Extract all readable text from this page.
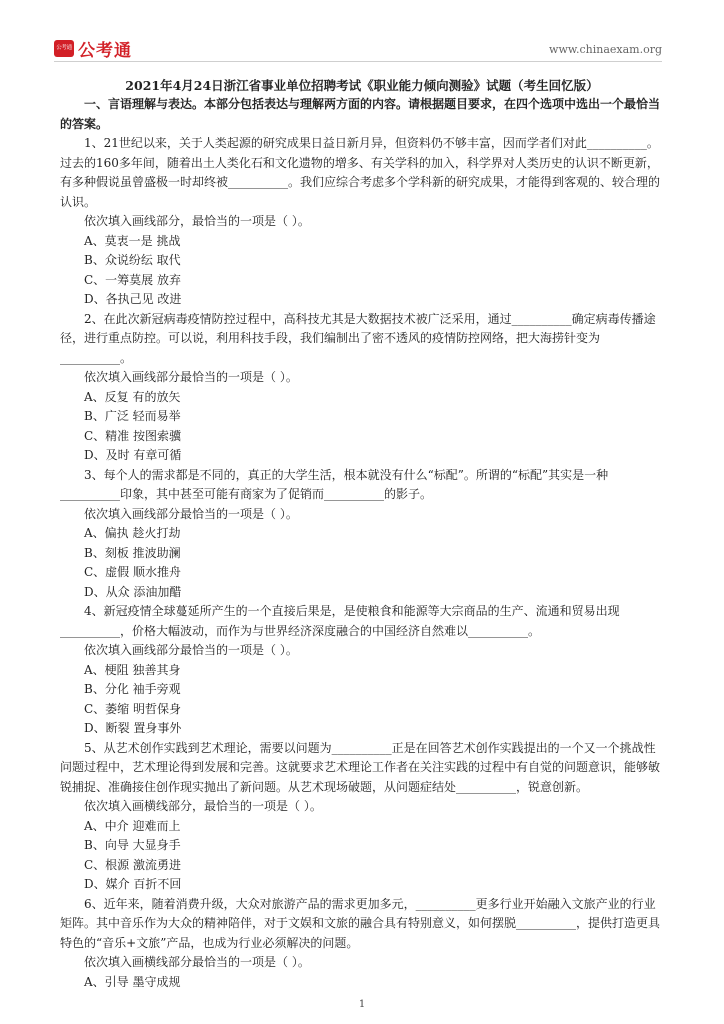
公考通 公考通	www.chinaexam.org
2021年4月24日浙江省事业单位招聘考试《职业能力倾向测验》试题（考生回忆版）

一、言语理解与表达。本部分包括表达与理解两方面的内容。请根据题目要求，在四个选项中选出一个最恰当的答案。

1、21世纪以来，关于人类起源的研究成果日益日新月异，但资料仍不够丰富，因而学者们对此__________。过去的160多年间，随着出土人类化石和文化遗物的增多、有关学科的加入，科学界对人类历史的认识不断更新，有多种假说虽曾盛极一时却终被__________。我们应综合考虑多个学科新的研究成果，才能得到客观的、较合理的认识。

依次填入画线部分，最恰当的一项是（ ）。

A、莫衷一是 挑战

B、众说纷纭 取代

C、一筹莫展 放弃

D、各执己见 改进

2、在此次新冠病毒疫情防控过程中，高科技尤其是大数据技术被广泛采用，通过__________确定病毒传播途径，进行重点防控。可以说，利用科技手段，我们编制出了密不透风的疫情防控网络，把大海捞针变为__________。

依次填入画线部分最恰当的一项是（ ）。

A、反复 有的放矢

B、广泛 轻而易举

C、精准 按图索骥

D、及时 有章可循

3、每个人的需求都是不同的，真正的大学生活，根本就没有什么“标配”。所谓的“标配”其实是一种__________印象，其中甚至可能有商家为了促销而__________的影子。

依次填入画线部分最恰当的一项是（ ）。

A、偏执 趁火打劫

B、刻板 推波助澜

C、虚假 顺水推舟

D、从众 添油加醋

4、新冠疫情全球蔓延所产生的一个直接后果是，是使粮食和能源等大宗商品的生产、流通和贸易出现__________，价格大幅波动，而作为与世界经济深度融合的中国经济自然难以__________。

依次填入画线部分最恰当的一项是（ ）。

A、梗阻 独善其身

B、分化 袖手旁观

C、萎缩 明哲保身

D、断裂 置身事外

5、从艺术创作实践到艺术理论，需要以问题为__________正是在回答艺术创作实践提出的一个又一个挑战性问题过程中，艺术理论得到发展和完善。这就要求艺术理论工作者在关注实践的过程中有自觉的问题意识，能够敏锐捕捉、准确接住创作现实抛出了新问题。从艺术现场破题，从问题症结处__________，锐意创新。

依次填入画横线部分，最恰当的一项是（ ）。

A、中介 迎难而上

B、向导 大显身手

C、根源 激流勇进

D、媒介 百折不回

6、近年来，随着消费升级，大众对旅游产品的需求更加多元，__________更多行业开始融入文旅产业的行业矩阵。其中音乐作为大众的精神陪伴，对于文娱和文旅的融合具有特别意义，如何摆脱__________，提供打造更具特色的“音乐+文旅”产品，也成为行业必须解决的问题。

依次填入画横线部分最恰当的一项是（ ）。

A、引导 墨守成规

1
